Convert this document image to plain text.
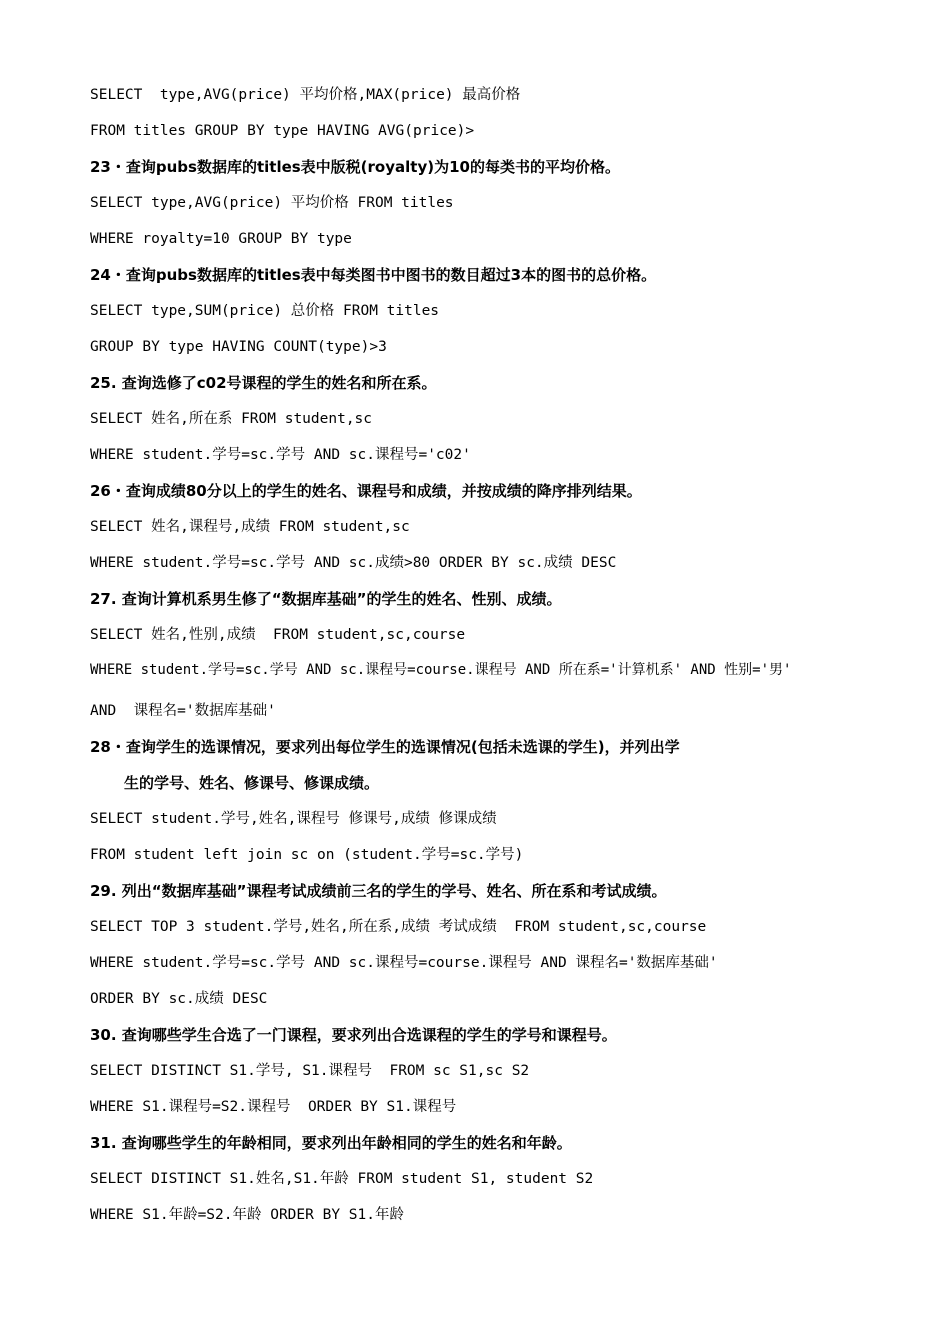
SELECT  type,AVG(price) 平均价格,MAX(price) 最高价格
FROM titles GROUP BY type HAVING AVG(price)>
23・查询pubs数据库的titles表中版税(royalty)为10的每类书的平均价格。
SELECT type,AVG(price) 平均价格 FROM titles
WHERE royalty=10 GROUP BY type
24・查询pubs数据库的titles表中每类图书中图书的数目超过3本的图书的总价格。
SELECT type,SUM(price) 总价格 FROM titles
GROUP BY type HAVING COUNT(type)>3
25. 查询选修了c02号课程的学生的姓名和所在系。
SELECT 姓名,所在系 FROM student,sc
WHERE student.学号=sc.学号 AND sc.课程号='c02'
26・查询成绩80分以上的学生的姓名、课程号和成绩，并按成绩的降序排列结果。
SELECT 姓名,课程号,成绩 FROM student,sc
WHERE student.学号=sc.学号 AND sc.成绩>80 ORDER BY sc.成绩 DESC
27. 查询计算机系男生修了“数据库基础”的学生的姓名、性别、成绩。
SELECT 姓名,性别,成绩  FROM student,sc,course
WHERE student.学号=sc.学号 AND sc.课程号=course.课程号 AND 所在系='计算机系' AND 性别='男'
AND  课程名='数据库基础'
28・查询学生的选课情况，要求列出每位学生的选课情况(包括未选课的学生)，并列出学
生的学号、姓名、修课号、修课成绩。
SELECT student.学号,姓名,课程号 修课号,成绩 修课成绩
FROM student left join sc on (student.学号=sc.学号)
29. 列出“数据库基础”课程考试成绩前三名的学生的学号、姓名、所在系和考试成绩。
SELECT TOP 3 student.学号,姓名,所在系,成绩 考试成绩  FROM student,sc,course
WHERE student.学号=sc.学号 AND sc.课程号=course.课程号 AND 课程名='数据库基础'
ORDER BY sc.成绩 DESC
30. 查询哪些学生合选了一门课程，要求列出合选课程的学生的学号和课程号。
SELECT DISTINCT S1.学号, S1.课程号  FROM sc S1,sc S2
WHERE S1.课程号=S2.课程号  ORDER BY S1.课程号
31. 查询哪些学生的年龄相同，要求列出年龄相同的学生的姓名和年龄。
SELECT DISTINCT S1.姓名,S1.年龄 FROM student S1, student S2
WHERE S1.年龄=S2.年龄 ORDER BY S1.年龄
